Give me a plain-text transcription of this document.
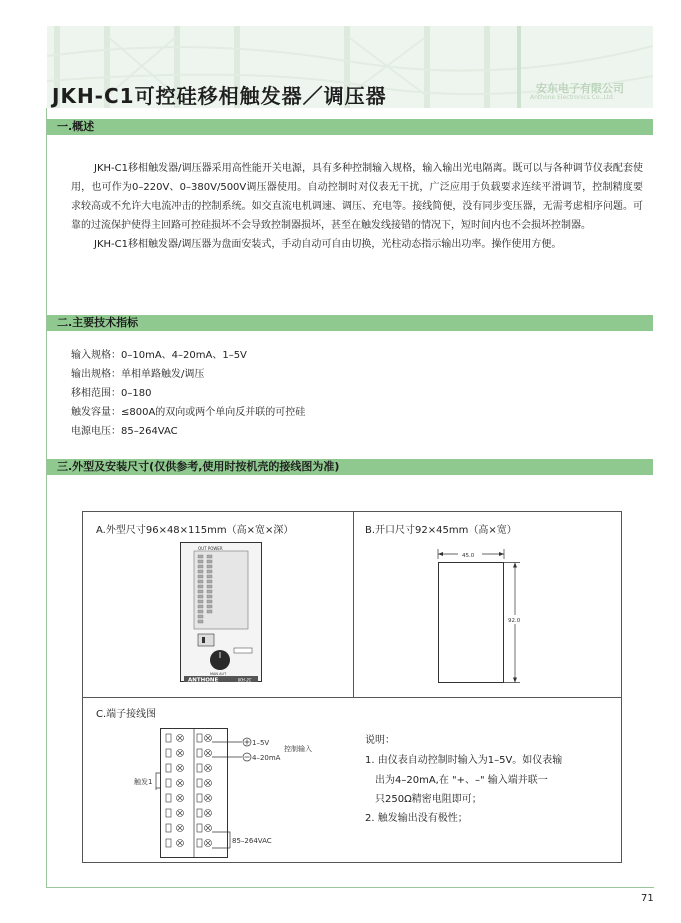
JKH-C1可控硅移相触发器／调压器	安东电子有限公司
Anthone Electronics Co.,Ltd.
一.概述

JKH-C1移相触发器/调压器采用高性能开关电源，具有多种控制输入规格，输入输出光电隔离。既可以与各种调节仪表配套使用，也可作为0–220V、0–380V/500V调压器使用。自动控制时对仪表无干扰，广泛应用于负载要求连续平滑调节，控制精度要求较高或不允许大电流冲击的控制系统。如交直流电机调速、调压、充电等。接线简便，没有同步变压器，无需考虑相序问题。可靠的过流保护使得主回路可控硅损坏不会导致控制器损坏，甚至在触发线接错的情况下，短时间内也不会损坏控制器。

JKH-C1移相触发器/调压器为盘面安装式，手动自动可自由切换，光柱动态指示输出功率。操作使用方便。

二.主要技术指标
输入规格：0–10mA、4–20mA、1–5V
输出规格：单相单路触发/调压
移相范围：0–180
触发容量：≤800A的双向或两个单向反并联的可控硅
电源电压：85–264VAC
三.外型及安装尺寸(仅供参考,使用时按机壳的接线图为准)
A.外型尺寸96×48×115mm（高×宽×深）	B.开口尺寸92×45mm（高×宽）
C.端子接线图
OUT POWER
MAN AUT
ANTHONE	JKH-2C
45.0
92.0
1–5V
4–20mA
控制输入
触发1
85–264VAC
说明：
1. 由仪表自动控制时输入为1–5V。如仪表输
出为4–20mA,在 "+、–" 输入端并联一
只250Ω精密电阻即可；
2. 触发输出没有极性；
71
